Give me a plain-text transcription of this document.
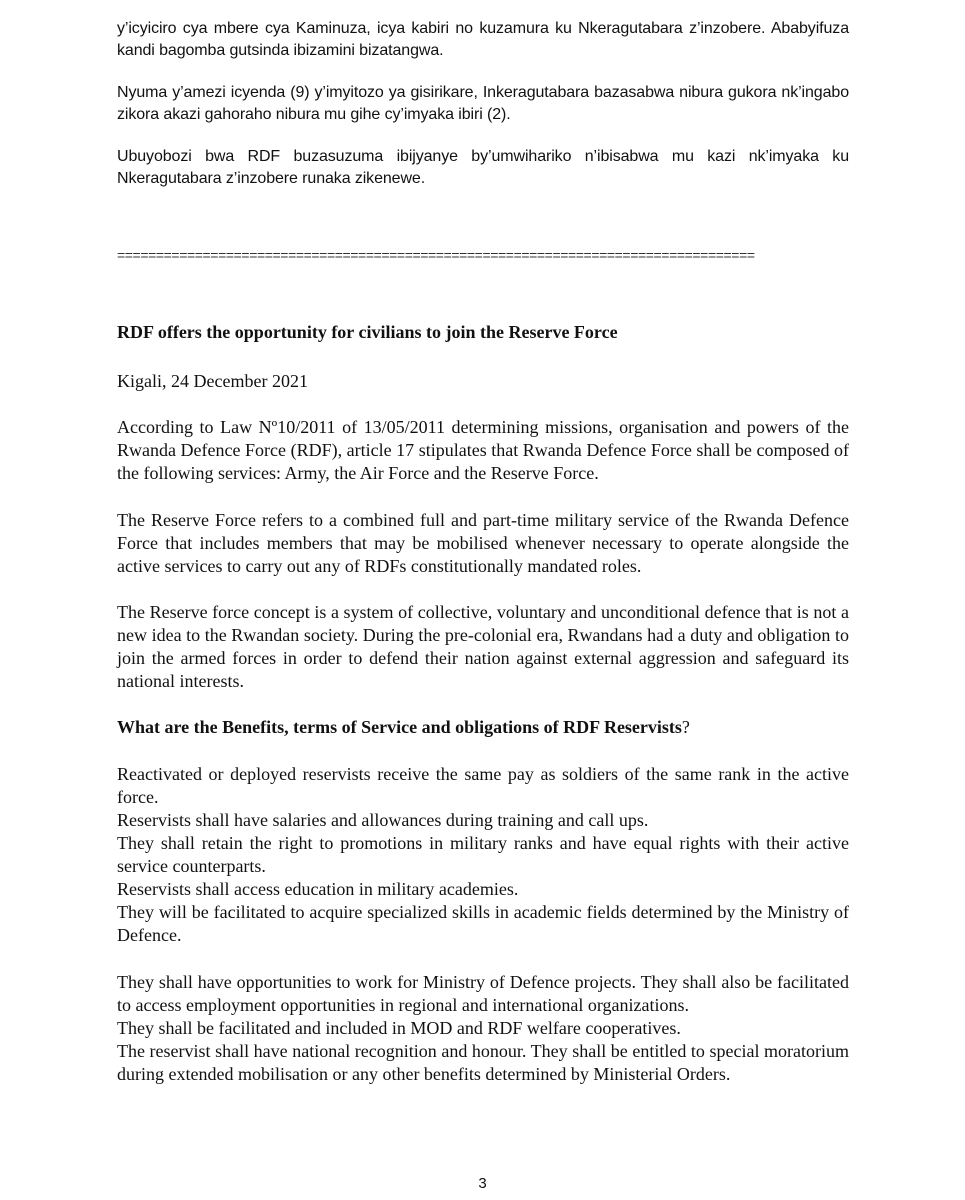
y’icyiciro cya mbere cya Kaminuza, icya kabiri no kuzamura ku Nkeragutabara z’inzobere. Ababyifuza kandi bagomba gutsinda ibizamini bizatangwa.

Nyuma y’amezi icyenda (9) y’imyitozo ya gisirikare, Inkeragutabara bazasabwa nibura gukora nk’ingabo zikora akazi gahoraho nibura mu gihe cy’imyaka ibiri (2).

Ubuyobozi bwa RDF buzasuzuma ibijyanye by’umwihariko n’ibisabwa mu kazi nk’imyaka ku Nkeragutabara z’inzobere runaka zikenewe.

==================================================================================

RDF offers the opportunity for civilians to join the Reserve Force

Kigali, 24 December 2021

According to Law Nº10/2011 of 13/05/2011 determining missions, organisation and powers of the Rwanda Defence Force (RDF), article 17 stipulates that Rwanda Defence Force shall be composed of the following services: Army, the Air Force and the Reserve Force.

The Reserve Force refers to a combined full and part-time military service of the Rwanda Defence Force that includes members that may be mobilised whenever necessary to operate alongside the active services to carry out any of RDFs constitutionally mandated roles.

The Reserve force concept is a system of collective, voluntary and unconditional defence that is not a new idea to the Rwandan society. During the pre-colonial era, Rwandans had a duty and obligation to join the armed forces in order to defend their nation against external aggression and safeguard its national interests.

What are the Benefits, terms of Service and obligations of RDF Reservists?

Reactivated or deployed reservists receive the same pay as soldiers of the same rank in the active force.

Reservists shall have salaries and allowances during training and call ups.

They shall retain the right to promotions in military ranks and have equal rights with their active service counterparts.

Reservists shall access education in military academies.

They will be facilitated to acquire specialized skills in academic fields determined by the Ministry of Defence.

They shall have opportunities to work for Ministry of Defence projects. They shall also be facilitated to access employment opportunities in regional and international organizations.

They shall be facilitated and included in MOD and RDF welfare cooperatives.

The reservist shall have national recognition and honour. They shall be entitled to special moratorium during extended mobilisation or any other benefits determined by Ministerial Orders.

3
